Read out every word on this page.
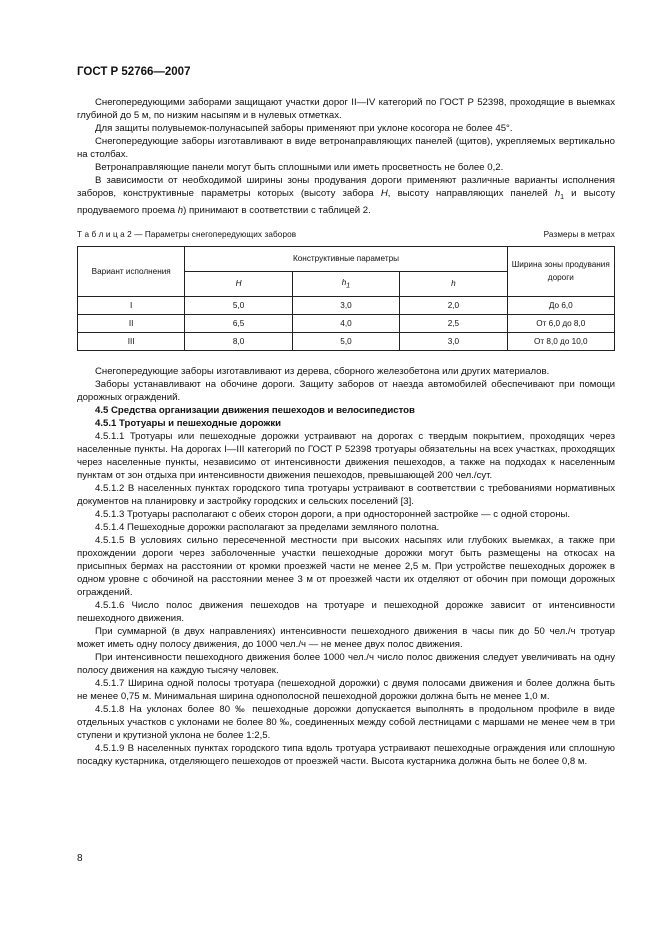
ГОСТ Р 52766—2007

Снегопередующими заборами защищают участки дорог II—IV категорий по ГОСТ Р 52398, проходящие в выемках глубиной до 5 м, по низким насыпям и в нулевых отметках.

Для защиты полувыемок-полунасыпей заборы применяют при уклоне косогора не более 45°.

Снегопередующие заборы изготавливают в виде ветронаправляющих панелей (щитов), укрепляемых вертикально на столбах.

Ветронаправляющие панели могут быть сплошными или иметь просветность не более 0,2.

В зависимости от необходимой ширины зоны продувания дороги применяют различные варианты исполнения заборов, конструктивные параметры которых (высоту забора H, высоту направляющих панелей $h_1$ и высоту продуваемого проема h) принимают в соответствии с таблицей 2.

Т а б л и ц а 2 — Параметры снегопередующих заборов	Размеры в метрах
Вариант исполнения	Конструктивные параметры			Ширина зоны продувания дороги
	H	$h_1$	h	
I	5,0	3,0	2,0	До 6,0
II	6,5	4,0	2,5	От 6,0 до 8,0
III	8,0	5,0	3,0	От 8,0 до 10,0

Снегопередующие заборы изготавливают из дерева, сборного железобетона или других материалов.

Заборы устанавливают на обочине дороги. Защиту заборов от наезда автомобилей обеспечивают при помощи дорожных ограждений.

4.5 Средства организации движения пешеходов и велосипедистов
4.5.1 Тротуары и пешеходные дорожки

4.5.1.1 Тротуары или пешеходные дорожки устраивают на дорогах с твердым покрытием, проходящих через населенные пункты. На дорогах I—III категорий по ГОСТ Р 52398 тротуары обязательны на всех участках, проходящих через населенные пункты, независимо от интенсивности движения пешеходов, а также на подходах к населенным пунктам от зон отдыха при интенсивности движения пешеходов, превышающей 200 чел./сут.

4.5.1.2 В населенных пунктах городского типа тротуары устраивают в соответствии с требованиями нормативных документов на планировку и застройку городских и сельских поселений [3].

4.5.1.3 Тротуары располагают с обеих сторон дороги, а при односторонней застройке — с одной стороны.

4.5.1.4 Пешеходные дорожки располагают за пределами земляного полотна.

4.5.1.5 В условиях сильно пересеченной местности при высоких насыпях или глубоких выемках, а также при прохождении дороги через заболоченные участки пешеходные дорожки могут быть размещены на откосах на присыпных бермах на расстоянии от кромки проезжей части не менее 2,5 м. При устройстве пешеходных дорожек в одном уровне с обочиной на расстоянии менее 3 м от проезжей части их отделяют от обочин при помощи дорожных ограждений.

4.5.1.6 Число полос движения пешеходов на тротуаре и пешеходной дорожке зависит от интенсивности пешеходного движения.

При суммарной (в двух направлениях) интенсивности пешеходного движения в часы пик до 50 чел./ч тротуар может иметь одну полосу движения, до 1000 чел./ч — не менее двух полос движения.

При интенсивности пешеходного движения более 1000 чел./ч число полос движения следует увеличивать на одну полосу движения на каждую тысячу человек.

4.5.1.7 Ширина одной полосы тротуара (пешеходной дорожки) с двумя полосами движения и более должна быть не менее 0,75 м. Минимальная ширина однополосной пешеходной дорожки должна быть не менее 1,0 м.

4.5.1.8 На уклонах более 80 ‰ пешеходные дорожки допускается выполнять в продольном профиле в виде отдельных участков с уклонами не более 80 ‰, соединенных между собой лестницами с маршами не менее чем в три ступени и крутизной уклона не более 1:2,5.

4.5.1.9 В населенных пунктах городского типа вдоль тротуара устраивают пешеходные ограждения или сплошную посадку кустарника, отделяющего пешеходов от проезжей части. Высота кустарника должна быть не более 0,8 м.

8
